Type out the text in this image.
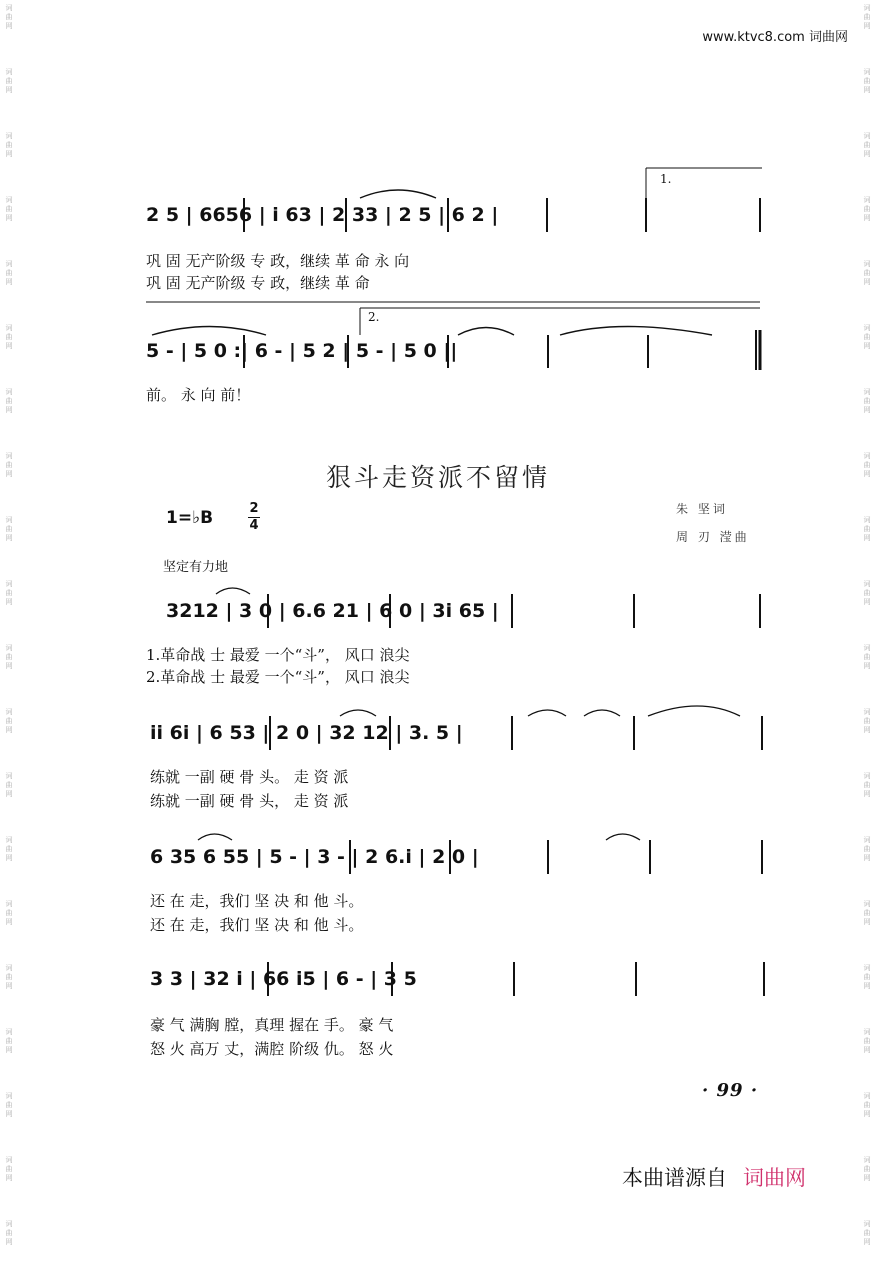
词
曲
网
词
曲
网
词
曲
网
词
曲
网
词
曲
网
词
曲
网
词
曲
网
词
曲
网
词
曲
网
词
曲
网
词
曲
网
词
曲
网
词
曲
网
词
曲
网
词
曲
网
词
曲
网
词
曲
网
词
曲
网
词
曲
网
词
曲
网
词
曲
网
词
曲
网
词
曲
网
词
曲
网
词
曲
网
词
曲
网
词
曲
网
词
曲
网
词
曲
网
词
曲
网
词
曲
网
词
曲
网
词
曲
网
词
曲
网
词
曲
网
词
曲
网
词
曲
网
词
曲
网
词
曲
网
词
曲
网
www.ktvc8.com 词曲网
2 5 | 6656 | i 63 | 2 33 | 2 5 | 6 2 |
1.
巩 固 无产阶级 专 政，继续 革 命 永 向
巩 固 无产阶级 专 政，继续 革 命
5 - | 5 0 :| 6 - | 5 2 | 5 - | 5 0 ||
2.
前。 永 向 前！
狠斗走资派不留情
1=♭B	2
4
朱 坚词
周 刃 滢曲
坚定有力地
3212 | 3 0 | 6.6 21 | 6 0 | 3i 65 |
1.革命战 士 最爱 一个“斗”， 风口 浪尖
2.革命战 士 最爱 一个“斗”， 风口 浪尖
ii 6i | 6 53 | 2 0 | 32 12 | 3. 5 |
练就 一副 硬 骨 头。 走 资 派
练就 一副 硬 骨 头， 走 资 派
6 35 6 55 | 5 - | 3 - | 2 6.i | 2 0 |
还 在 走，我们 坚 决 和 他 斗。
还 在 走，我们 坚 决 和 他 斗。
3 3 | 32 i | 66 i5 | 6 - | 3 5
豪 气 满胸 膛，真理 握在 手。 豪 气
怒 火 高万 丈，满腔 阶级 仇。 怒 火
· 99 ·
本曲谱源自 词曲网
